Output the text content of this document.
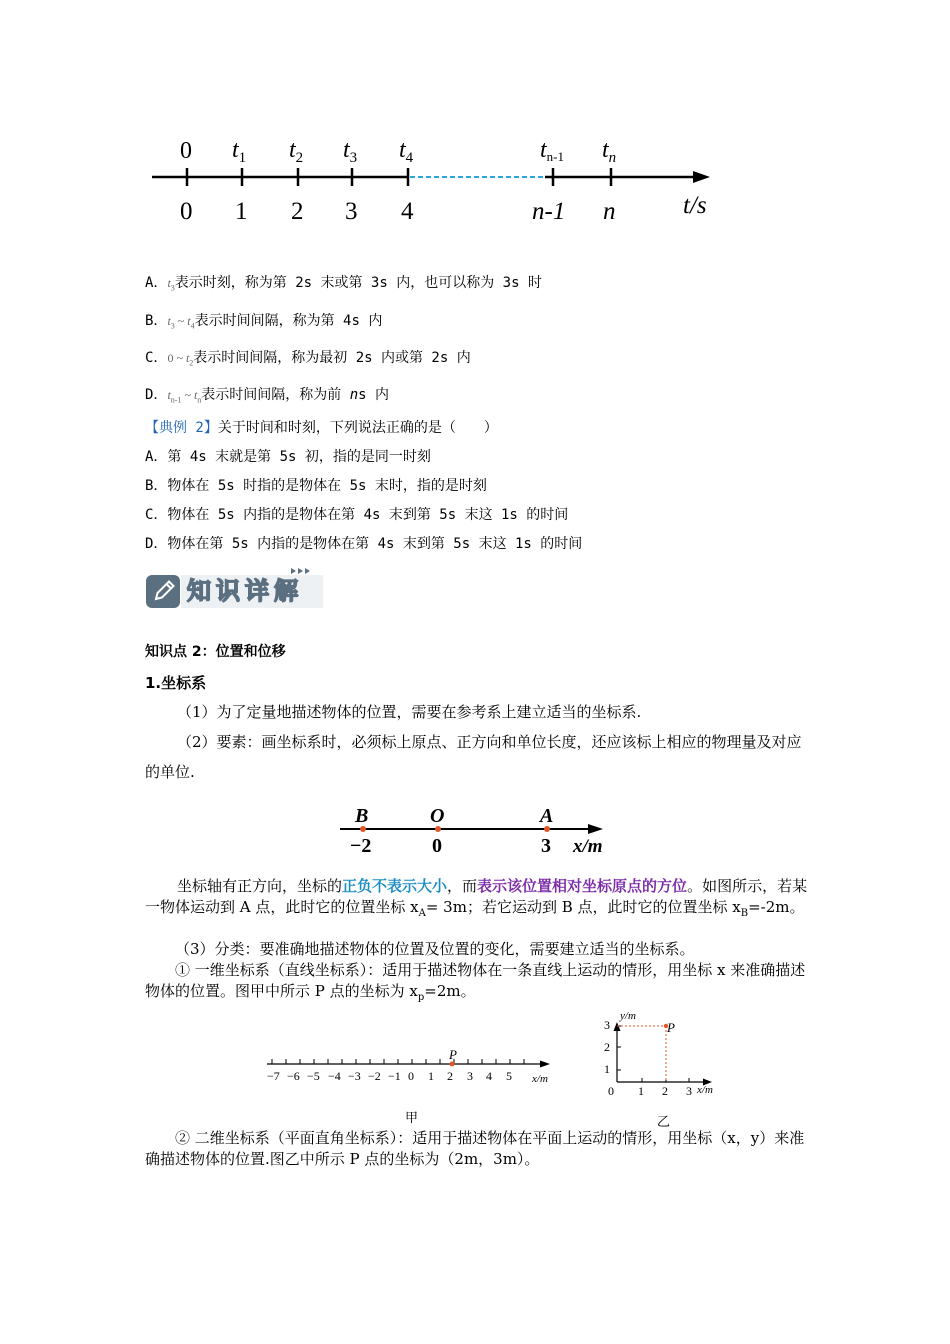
0 $t_1$ $t_2$ $t_3$ $t_4$	tn-1 $t_n$
0 1 2 3 4	n-1 n	t/s
A．$t_3$表示时刻，称为第 2s 末或第 3s 内，也可以称为 3s 时
B．$t_3$ ~ $t_4$表示时间间隔，称为第 4s 内
C．0 ~ $t_2$表示时间间隔，称为最初 2s 内或第 2s 内
D．$t_{n-1}$ ~ $t_n$表示时间间隔，称为前 ns 内
【典例 2】关于时间和时刻，下列说法正确的是（　　）
A．第 4s 末就是第 5s 初，指的是同一时刻
B．物体在 5s 时指的是物体在 5s 末时，指的是时刻
C．物体在 5s 内指的是物体在第 4s 末到第 5s 末这 1s 的时间
D．物体在第 5s 内指的是物体在第 4s 末到第 5s 末这 1s 的时间
知识详解
知识点 2：位置和位移
1.坐标系
（1）为了定量地描述物体的位置，需要在参考系上建立适当的坐标系.
（2）要素：画坐标系时，必须标上原点、正方向和单位长度，还应该标上相应的物理量及对应的单位.
B	O	A
−2	0	3 x/m
坐标轴有正方向，坐标的正负不表示大小，而表示该位置相对坐标原点的方位。如图所示，若某一物体运动到 A 点，此时它的位置坐标 $x_A= 3m$；若它运动到 B 点，此时它的位置坐标 $x_B=-2m$。
（3）分类：要准确地描述物体的位置及位置的变化，需要建立适当的坐标系。
① 一维坐标系（直线坐标系）：适用于描述物体在一条直线上运动的情形，用坐标 x 来准确描述物体的位置。图甲中所示 P 点的坐标为 $x_p=2m$。
P
−7 −6 −5 −4 −3 −2 −1 0 1 2 3 4 5 x/m
甲
P
y/m
x/m
3
2
1
0 1 2 3
乙
② 二维坐标系（平面直角坐标系）：适用于描述物体在平面上运动的情形，用坐标（x，y）来准确描述物体的位置.图乙中所示 P 点的坐标为（2m，3m）。
